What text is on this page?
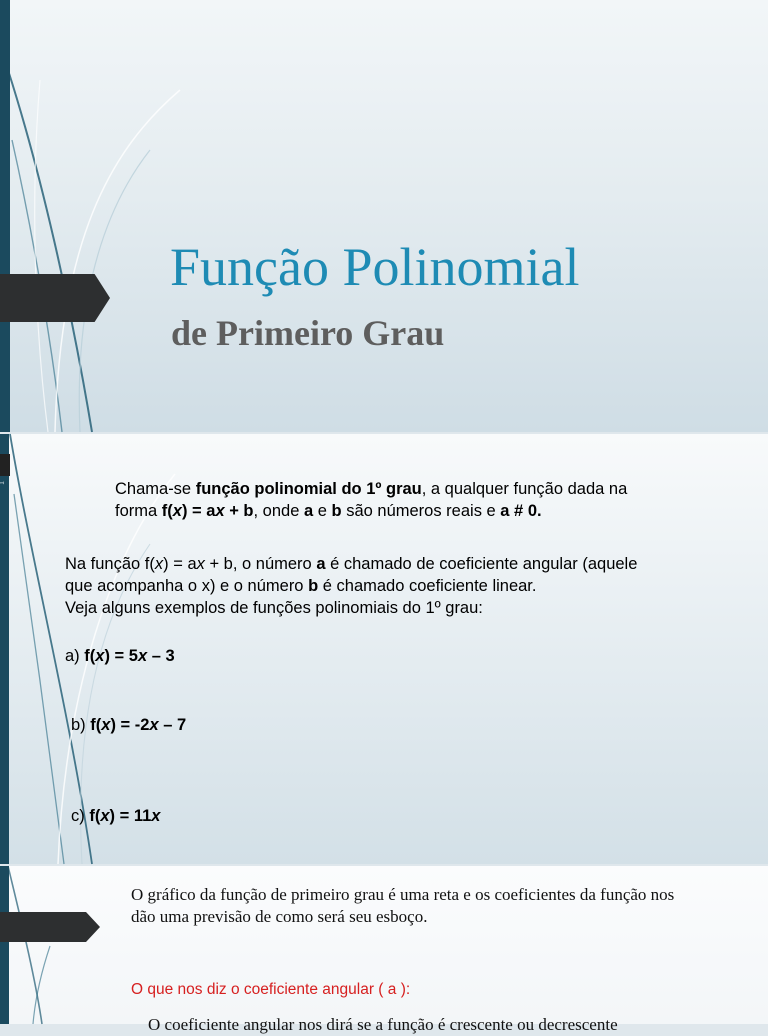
Função Polinomial
de Primeiro Grau
1	Chama-se função polinomial do 1º grau, a qualquer função dada na
forma f(x) = ax + b, onde a e b são números reais e a # 0.
Na função f(x) = ax + b, o número a é chamado de coeficiente angular (aquele
que acompanha o x) e o número b é chamado coeficiente linear.
Veja alguns exemplos de funções polinomiais do 1º grau:
a) f(x) = 5x – 3
b) f(x) = -2x – 7
c) f(x) = 11x
O gráfico da função de primeiro grau é uma reta e os coeficientes da função nos
dão uma previsão de como será seu esboço.
O que nos diz o coeficiente angular ( a ):
O coeficiente angular nos dirá se a função é crescente ou decrescente
